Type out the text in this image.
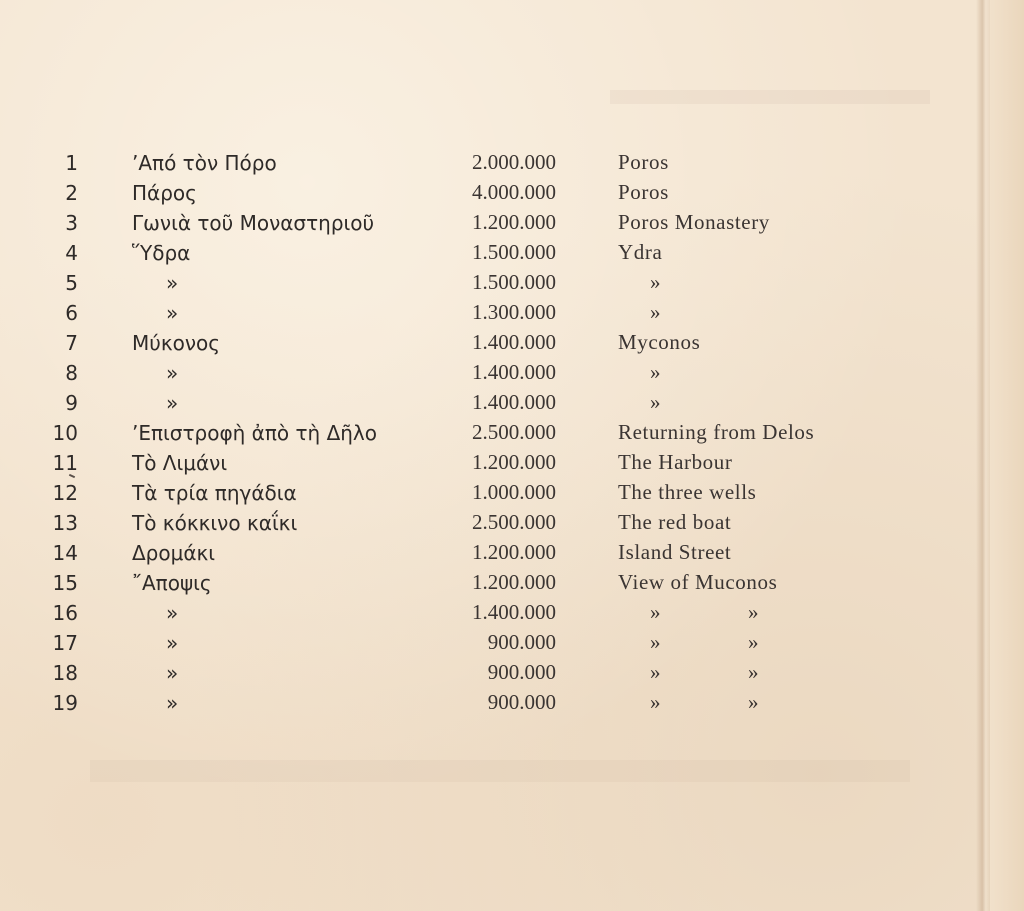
1	’Από τὸν Πόρο	2.000.000	Poros
2	Πάρος	4.000.000	Poros
3	Γωνιὰ τοῦ Μοναστηριοῦ	1.200.000	Poros Monastery
4	Ὕδρα	1.500.000	Ydra
5	»	1.500.000	»
6	»	1.300.000	»
7	Μύκονος	1.400.000	Myconos
8	»	1.400.000	»
9	»	1.400.000	»
10	’Επιστροφὴ ἀπὸ τὴ Δῆλο	2.500.000	Returning from Delos
11	Τὸ Λιμάνι	1.200.000	The Harbour
12	Τὰ τρία πηγάδια	1.000.000	The three wells
13	Τὸ κόκκινο καΐκι	2.500.000	The red boat
14	Δρομάκι	1.200.000	Island Street
15	῎Αποψις	1.200.000	View of Muconos
16	»	1.400.000	»	»
17	»	900.000	»	»
18	»	900.000	»	»
19	»	900.000	»	»
